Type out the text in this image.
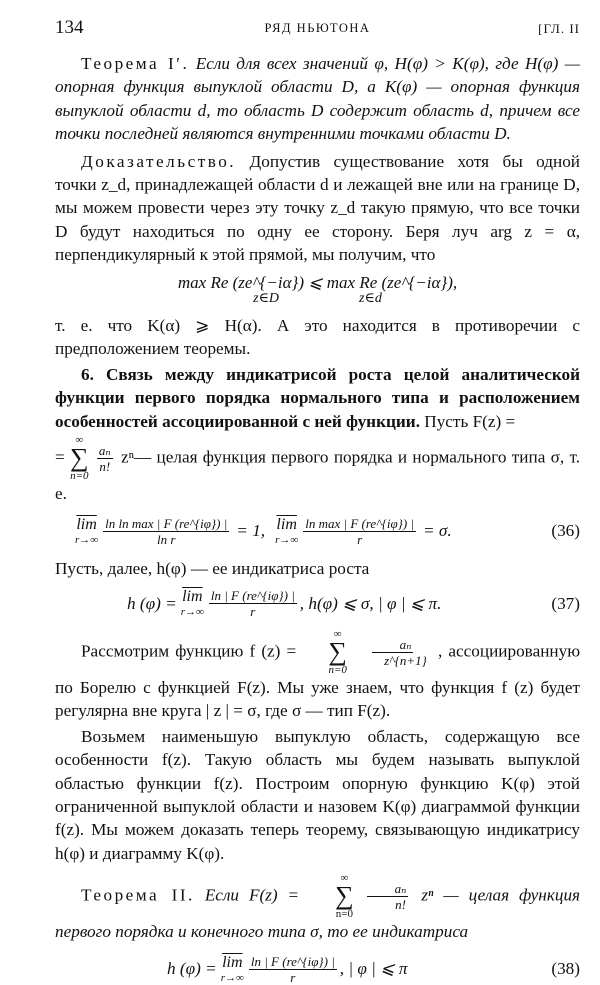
134	РЯД НЬЮТОНА	[ГЛ. II

Теорема I′. Если для всех значений φ, H(φ) > K(φ), где H(φ) — опорная функция выпуклой области D, а K(φ) — опорная функция выпуклой области d, то область D содержит область d, причем все точки последней являются внутренними точками области D.

Доказательство. Допустив существование хотя бы одной точки z_d, принадлежащей области d и лежащей вне или на границе D, мы можем провести через эту точку z_d такую прямую, что все точки D будут находиться по одну ее сторону. Беря луч arg z = α, перпендикулярный к этой прямой, мы получим, что

max Re (ze^{−iα}) ⩽ max Re (ze^{−iα}),
z∈D	z∈d

т. е. что K(α) ⩾ H(α). А это находится в противоречии с предположением теоремы.

6. Связь между индикатрисой роста целой аналитической функции первого порядка нормального типа и расположением особенностей ассоциированной с ней функции. Пусть F(z) =

=
∞
∑
n=0

$\frac{\text{aₙ}}{n!}$ zⁿ— целая функция первого порядка и нормального типа σ, т. е.

$\overline{lim}$
$r\to\infty \frac{\text{ln ln max | F (re\textasciicircum{}\{iφ\}) |}}{\text{ln r}} = 1$, $\overline{lim}$
$r\to\infty \frac{\text{ln max | F (re\textasciicircum{}\{iφ\}) |}}{r} = \sigma$.	(36)

Пусть, далее, h(φ) — ее индикатриса роста

h $(\varphi) = \overline{lim}$
$r\to\infty \frac{\ln | F (re\^{}\{i\varphi\}) |}{r}$ , h(φ) ⩽ σ, | φ | ⩽ π.	(37)

Рассмотрим функцию f (z) =
∞
∑
n=0

$\frac{\text{aₙ}}{z\^{}\{n+1\}}$ , ассоциированную по Борелю с функцией F(z). Мы уже знаем, что функция f (z) будет регулярна вне круга | z | = σ, где σ — тип F(z).

Возьмем наименьшую выпуклую область, содержащую все особенности f(z). Такую область мы будем называть выпуклой областью функции f(z). Построим опорную функцию K(φ) этой ограниченной выпуклой области и назовем K(φ) диаграммой функции f(z). Мы можем доказать теперь теорему, связывающую индикатрису h(φ) и диаграмму K(φ).

Теорема II. Если F(z) =
∞
∑
n=0

$\frac{\text{aₙ}}{n!}$ zⁿ — целая функция первого порядка и конечного типа σ, то ее индикатриса

h $(\varphi) = \overline{lim}$
$r\to\infty \frac{\ln | F (re\^{}\{i\varphi\}) |}{r}$ , | φ | ⩽ π	(38)
